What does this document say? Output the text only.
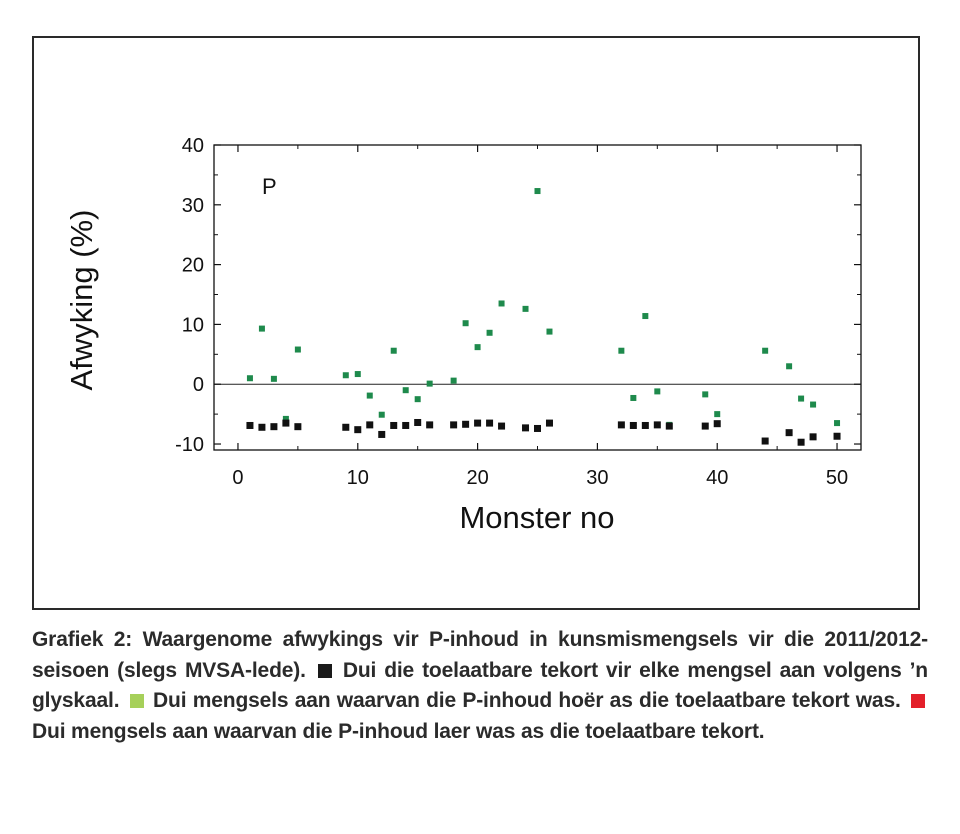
0	10	20	30	40	50
-10
0
10
20
30
40
P
Monster no
Afwyking (%)
Grafiek 2: Waargenome afwykings vir P-inhoud in kunsmismengsels vir die 2011/2012-seisoen (slegs MVSA-lede). Dui die toelaatbare tekort vir elke mengsel aan volgens ’n glyskaal. Dui mengsels aan waarvan die P-inhoud hoër as die toelaatbare tekort was.  Dui mengsels aan waarvan die P-inhoud laer was as die toelaatbare tekort.
